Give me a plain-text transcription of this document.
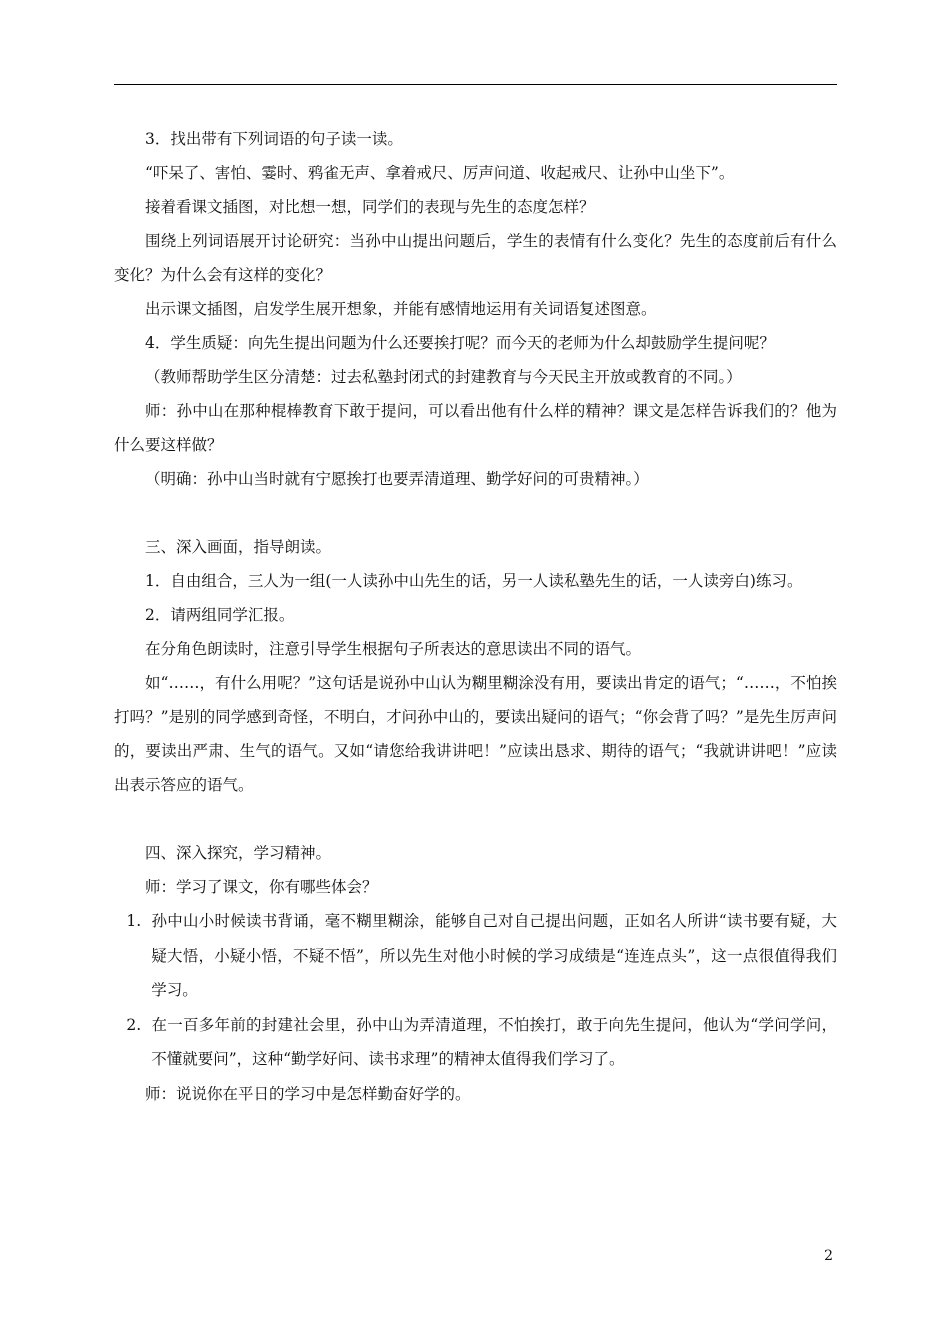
3．找出带有下列词语的句子读一读。

“吓呆了、害怕、霎时、鸦雀无声、拿着戒尺、厉声问道、收起戒尺、让孙中山坐下”。

接着看课文插图，对比想一想，同学们的表现与先生的态度怎样？

围绕上列词语展开讨论研究：当孙中山提出问题后，学生的表情有什么变化？先生的态度前后有什么变化？为什么会有这样的变化？

出示课文插图，启发学生展开想象，并能有感情地运用有关词语复述图意。

4．学生质疑：向先生提出问题为什么还要挨打呢？而今天的老师为什么却鼓励学生提问呢？

（教师帮助学生区分清楚：过去私塾封闭式的封建教育与今天民主开放或教育的不同。）

师：孙中山在那种棍棒教育下敢于提问，可以看出他有什么样的精神？课文是怎样告诉我们的？他为什么要这样做？

（明确：孙中山当时就有宁愿挨打也要弄清道理、勤学好问的可贵精神。）

三、深入画面，指导朗读。

1．自由组合，三人为一组(一人读孙中山先生的话，另一人读私塾先生的话，一人读旁白)练习。

2．请两组同学汇报。

在分角色朗读时，注意引导学生根据句子所表达的意思读出不同的语气。

如“……，有什么用呢？”这句话是说孙中山认为糊里糊涂没有用，要读出肯定的语气；“……，不怕挨打吗？”是别的同学感到奇怪，不明白，才问孙中山的，要读出疑问的语气；“你会背了吗？”是先生厉声问的，要读出严肃、生气的语气。又如“请您给我讲讲吧！”应读出恳求、期待的语气；“我就讲讲吧！”应读出表示答应的语气。

四、深入探究，学习精神。

师：学习了课文，你有哪些体会？

1. 孙中山小时候读书背诵，毫不糊里糊涂，能够自己对自己提出问题，正如名人所讲“读书要有疑，大疑大悟，小疑小悟，不疑不悟”，所以先生对他小时候的学习成绩是“连连点头”，这一点很值得我们学习。

2. 在一百多年前的封建社会里，孙中山为弄清道理，不怕挨打，敢于向先生提问，他认为“学问学问，不懂就要问”，这种“勤学好问、读书求理”的精神太值得我们学习了。

师：说说你在平日的学习中是怎样勤奋好学的。

2
